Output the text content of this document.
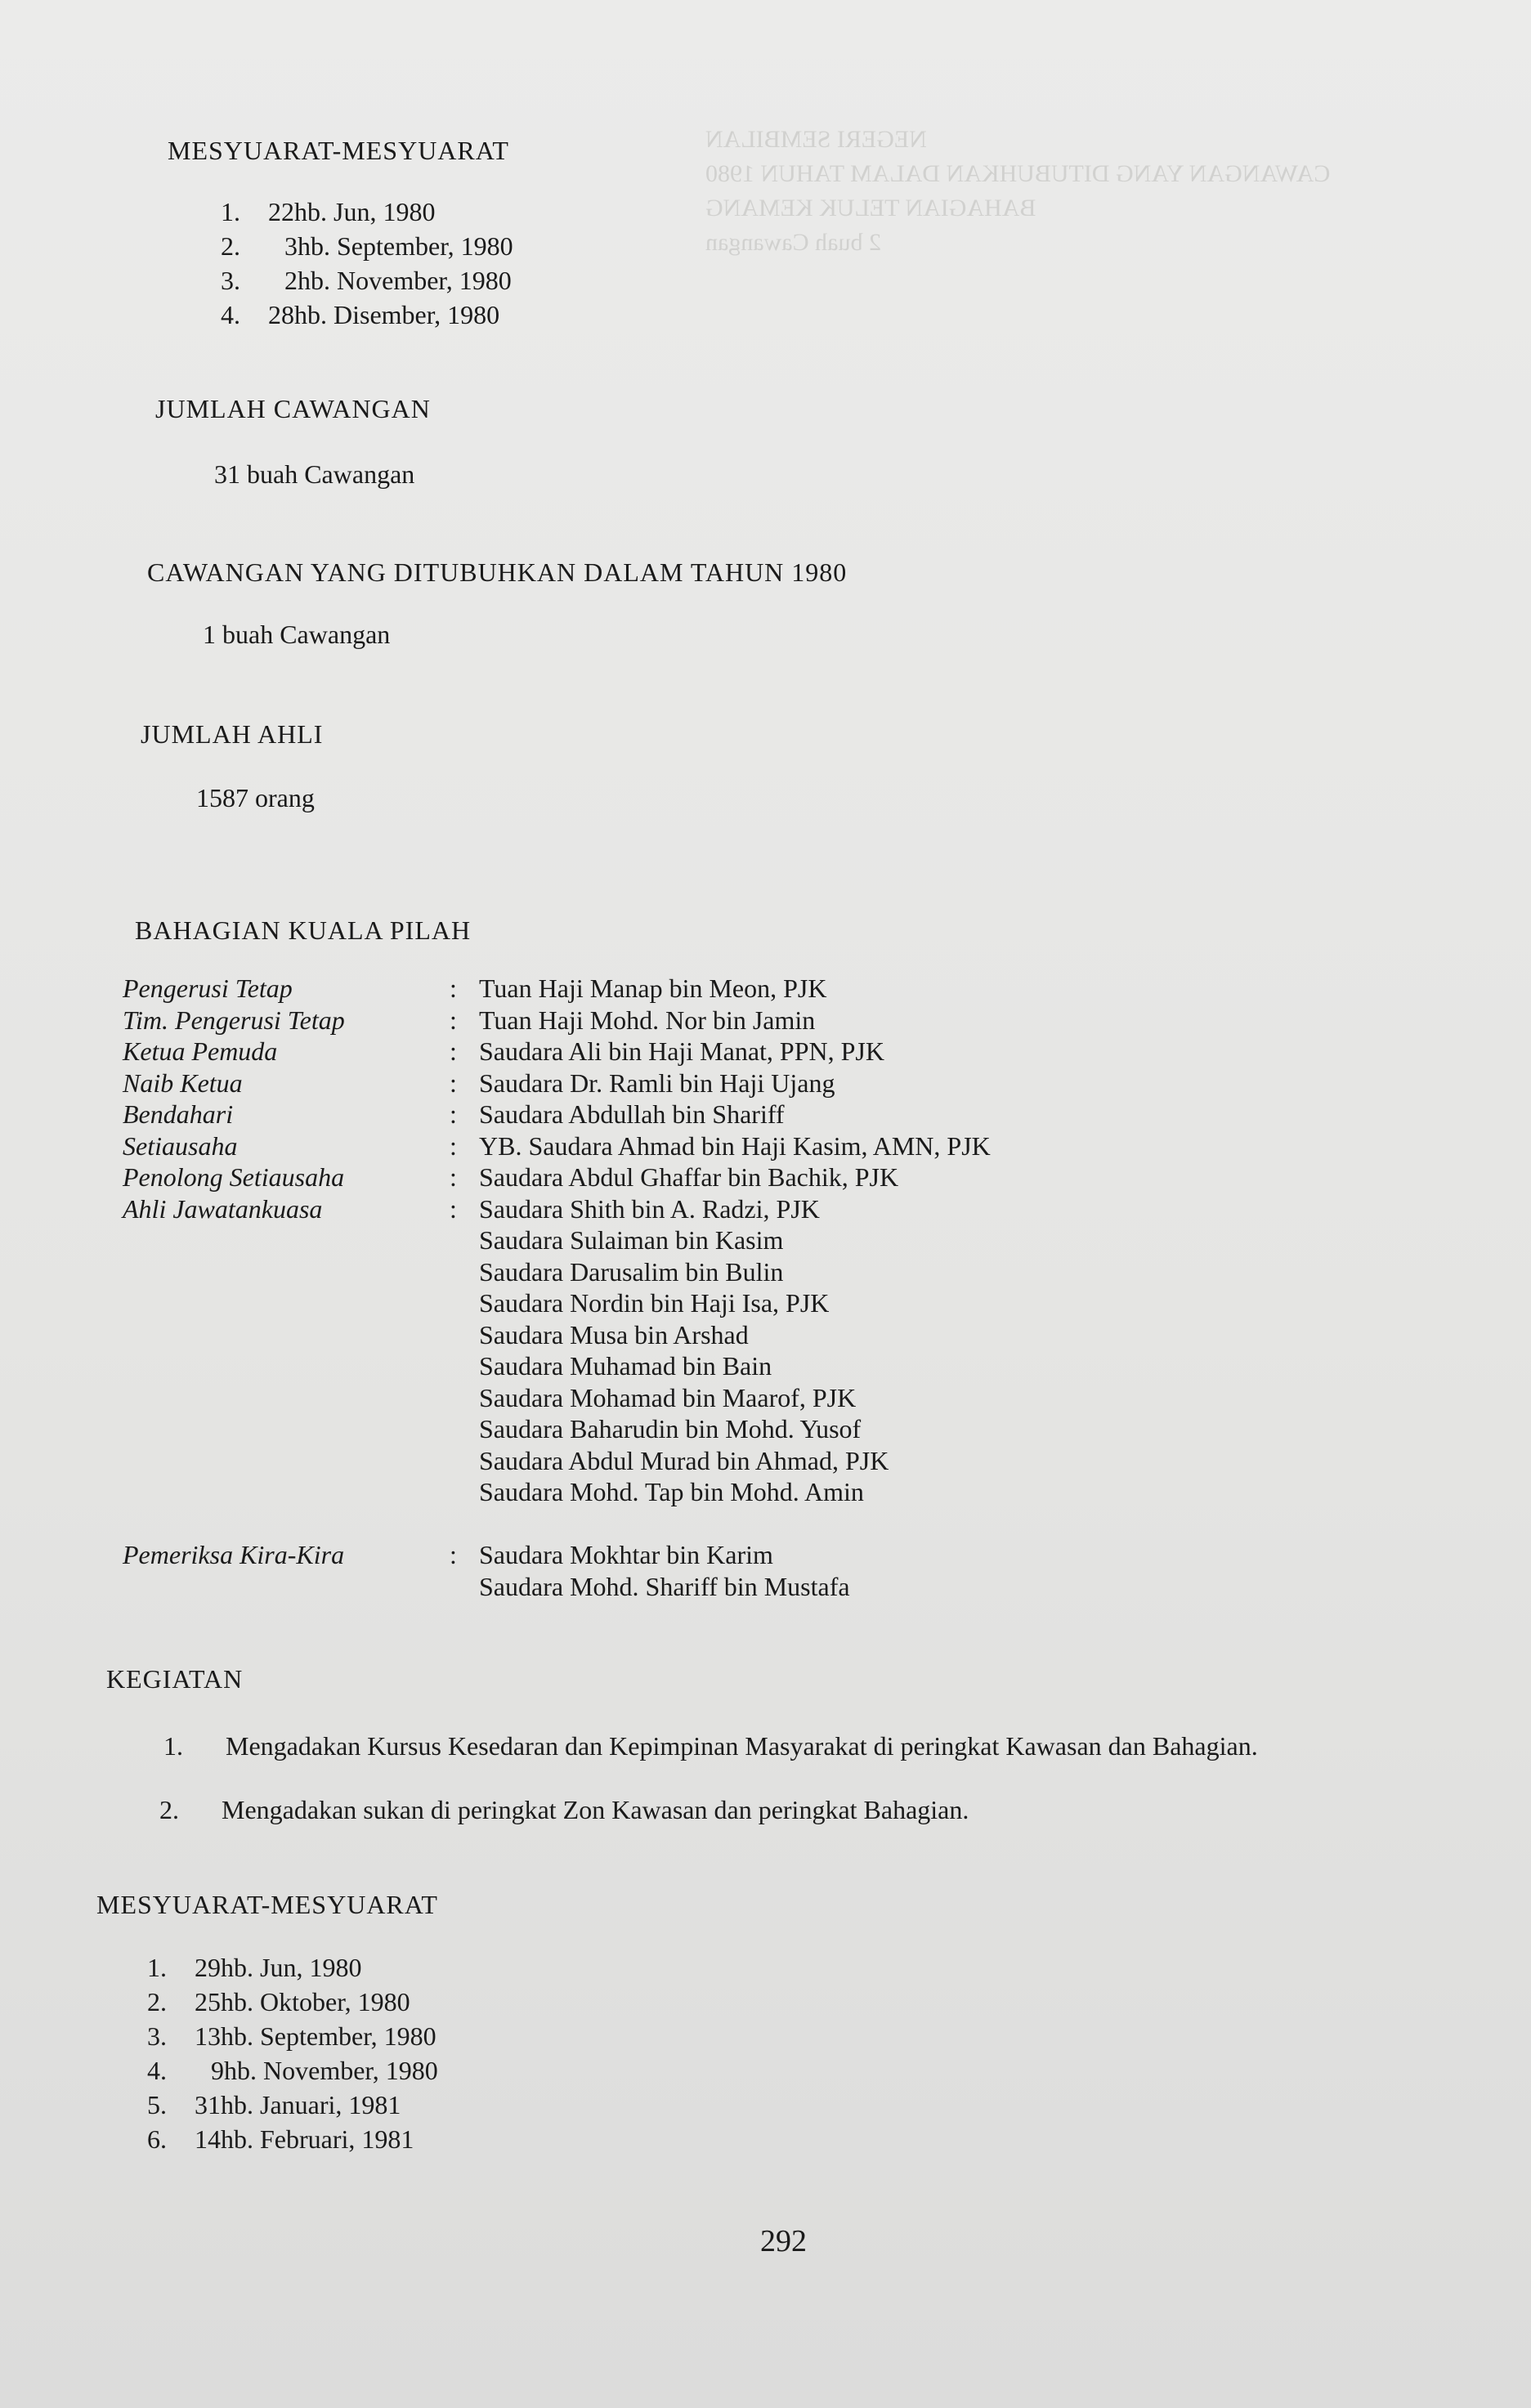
NEGERI SEMBILAN
CAWANGAN YANG DITUBUHKAN DALAM TAHUN 1980
BAHAGIAN TELUK KEMANG
2 buah Cawangan
MESYUARAT-MESYUARAT
1.	22hb. Jun, 1980
2.	3hb. September, 1980
3.	2hb. November, 1980
4.	28hb. Disember, 1980
JUMLAH CAWANGAN
31 buah Cawangan
CAWANGAN YANG DITUBUHKAN DALAM TAHUN 1980
1 buah Cawangan
JUMLAH AHLI
1587 orang
BAHAGIAN KUALA PILAH
Pengerusi Tetap	: Tuan Haji Manap bin Meon, PJK
Tim. Pengerusi Tetap	: Tuan Haji Mohd. Nor bin Jamin
Ketua Pemuda	: Saudara Ali bin Haji Manat, PPN, PJK
Naib Ketua	: Saudara Dr. Ramli bin Haji Ujang
Bendahari	: Saudara Abdullah bin Shariff
Setiausaha	: YB. Saudara Ahmad bin Haji Kasim, AMN, PJK
Penolong Setiausaha	: Saudara Abdul Ghaffar bin Bachik, PJK
Ahli Jawatankuasa	: Saudara Shith bin A. Radzi, PJK
Saudara Sulaiman bin Kasim
Saudara Darusalim bin Bulin
Saudara Nordin bin Haji Isa, PJK
Saudara Musa bin Arshad
Saudara Muhamad bin Bain
Saudara Mohamad bin Maarof, PJK
Saudara Baharudin bin Mohd. Yusof
Saudara Abdul Murad bin Ahmad, PJK
Saudara Mohd. Tap bin Mohd. Amin
Pemeriksa Kira-Kira	: Saudara Mokhtar bin Karim
Saudara Mohd. Shariff bin Mustafa
KEGIATAN
1.	Mengadakan Kursus Kesedaran dan Kepimpinan Masyarakat di peringkat Kawasan dan Bahagian.
2.	Mengadakan sukan di peringkat Zon Kawasan dan peringkat Bahagian.
MESYUARAT-MESYUARAT
1.	29hb. Jun, 1980
2.	25hb. Oktober, 1980
3.	13hb. September, 1980
4.	9hb. November, 1980
5.	31hb. Januari, 1981
6.	14hb. Februari, 1981
292
